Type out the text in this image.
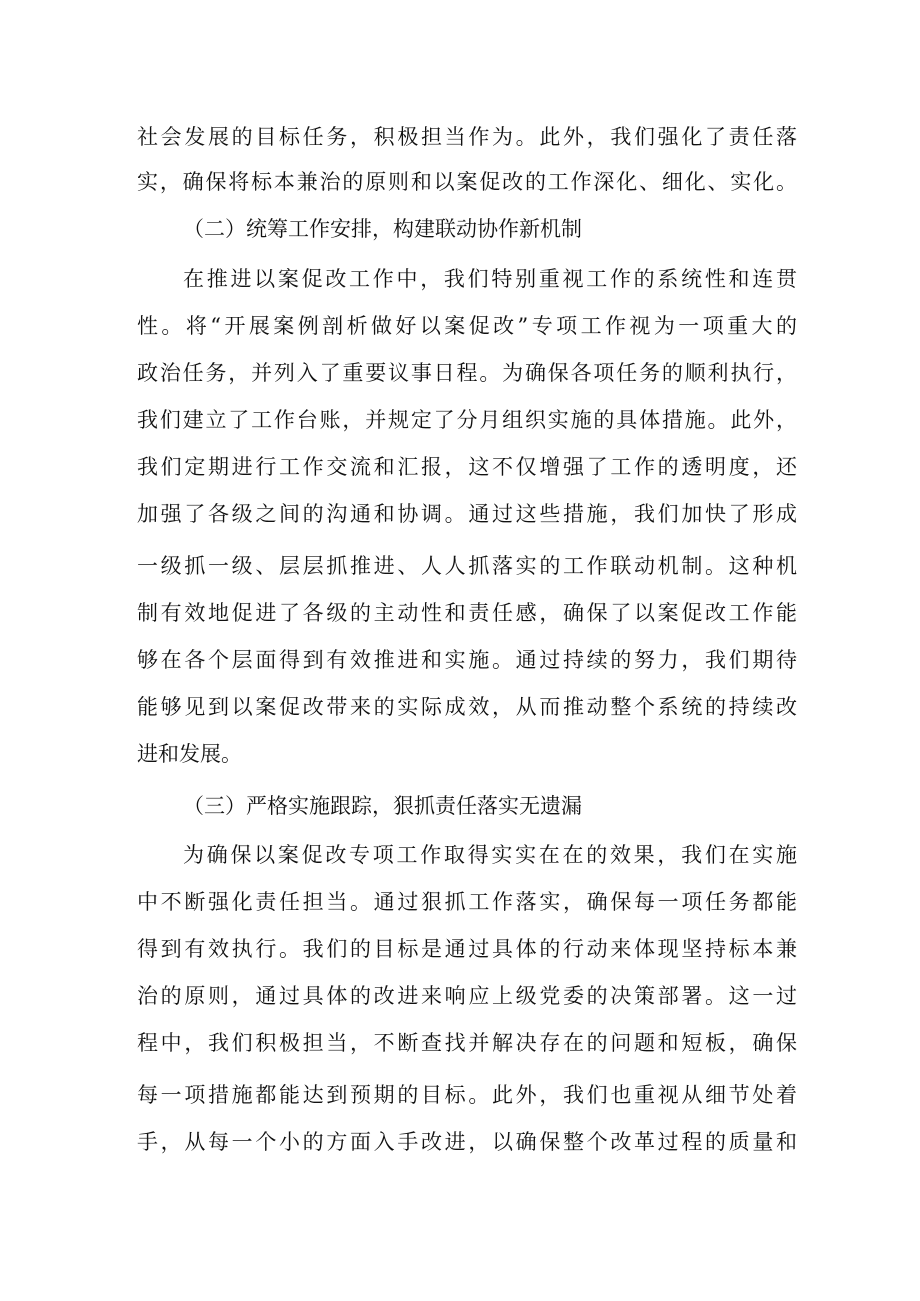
社会发展的目标任务，积极担当作为。此外，我们强化了责任落
实，确保将标本兼治的原则和以案促改的工作深化、细化、实化。
（二）统筹工作安排，构建联动协作新机制
在推进以案促改工作中，我们特别重视工作的系统性和连贯
性。将“开展案例剖析做好以案促改”专项工作视为一项重大的
政治任务，并列入了重要议事日程。为确保各项任务的顺利执行，
我们建立了工作台账，并规定了分月组织实施的具体措施。此外，
我们定期进行工作交流和汇报，这不仅增强了工作的透明度，还
加强了各级之间的沟通和协调。通过这些措施，我们加快了形成
一级抓一级、层层抓推进、人人抓落实的工作联动机制。这种机
制有效地促进了各级的主动性和责任感，确保了以案促改工作能
够在各个层面得到有效推进和实施。通过持续的努力，我们期待
能够见到以案促改带来的实际成效，从而推动整个系统的持续改
进和发展。
（三）严格实施跟踪，狠抓责任落实无遗漏
为确保以案促改专项工作取得实实在在的效果，我们在实施
中不断强化责任担当。通过狠抓工作落实，确保每一项任务都能
得到有效执行。我们的目标是通过具体的行动来体现坚持标本兼
治的原则，通过具体的改进来响应上级党委的决策部署。这一过
程中，我们积极担当，不断查找并解决存在的问题和短板，确保
每一项措施都能达到预期的目标。此外，我们也重视从细节处着
手，从每一个小的方面入手改进，以确保整个改革过程的质量和
